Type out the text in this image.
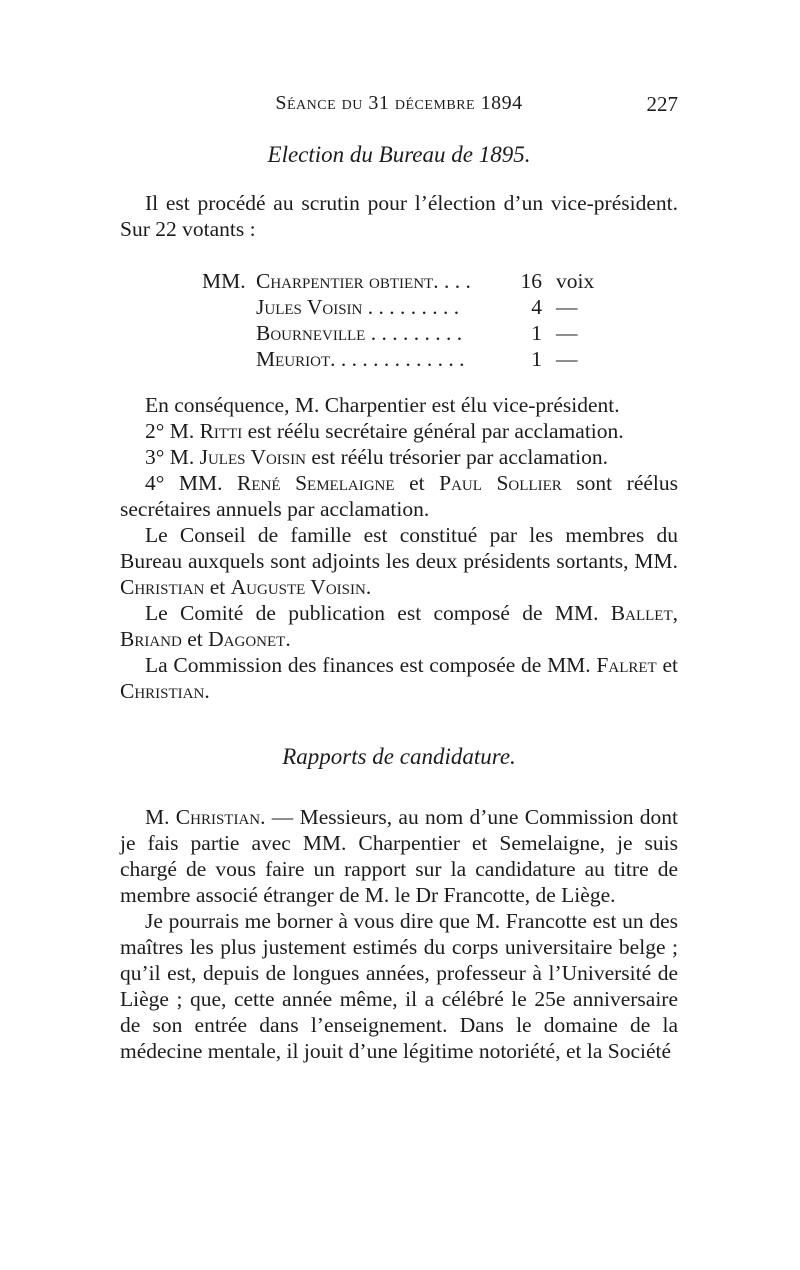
Séance du 31 décembre 1894	227
Election du Bureau de 1895.

Il est procédé au scrutin pour l’élection d’un vice-président. Sur 22 votants :

MM. Charpentier obtient. . . .	16 voix
Jules Voisin . . . . . . . . .	4 —
Bourneville . . . . . . . . .	1 —
Meuriot. . . . . . . . . . . . .	1 —

En conséquence, M. Charpentier est élu vice-président.

2° M. Ritti est réélu secrétaire général par acclamation.

3° M. Jules Voisin est réélu trésorier par acclamation.

4° MM. René Semelaigne et Paul Sollier sont réélus secrétaires annuels par acclamation.

Le Conseil de famille est constitué par les membres du Bureau auxquels sont adjoints les deux présidents sortants, MM. Christian et Auguste Voisin.

Le Comité de publication est composé de MM. Ballet, Briand et Dagonet.

La Commission des finances est composée de MM. Falret et Christian.

Rapports de candidature.

M. Christian. — Messieurs, au nom d’une Commission dont je fais partie avec MM. Charpentier et Semelaigne, je suis chargé de vous faire un rapport sur la candidature au titre de membre associé étranger de M. le Dr Francotte, de Liège.

Je pourrais me borner à vous dire que M. Francotte est un des maîtres les plus justement estimés du corps universitaire belge ; qu’il est, depuis de longues années, professeur à l’Université de Liège ; que, cette année même, il a célébré le 25e anniversaire de son entrée dans l’enseignement. Dans le domaine de la médecine mentale, il jouit d’une légitime notoriété, et la Société
